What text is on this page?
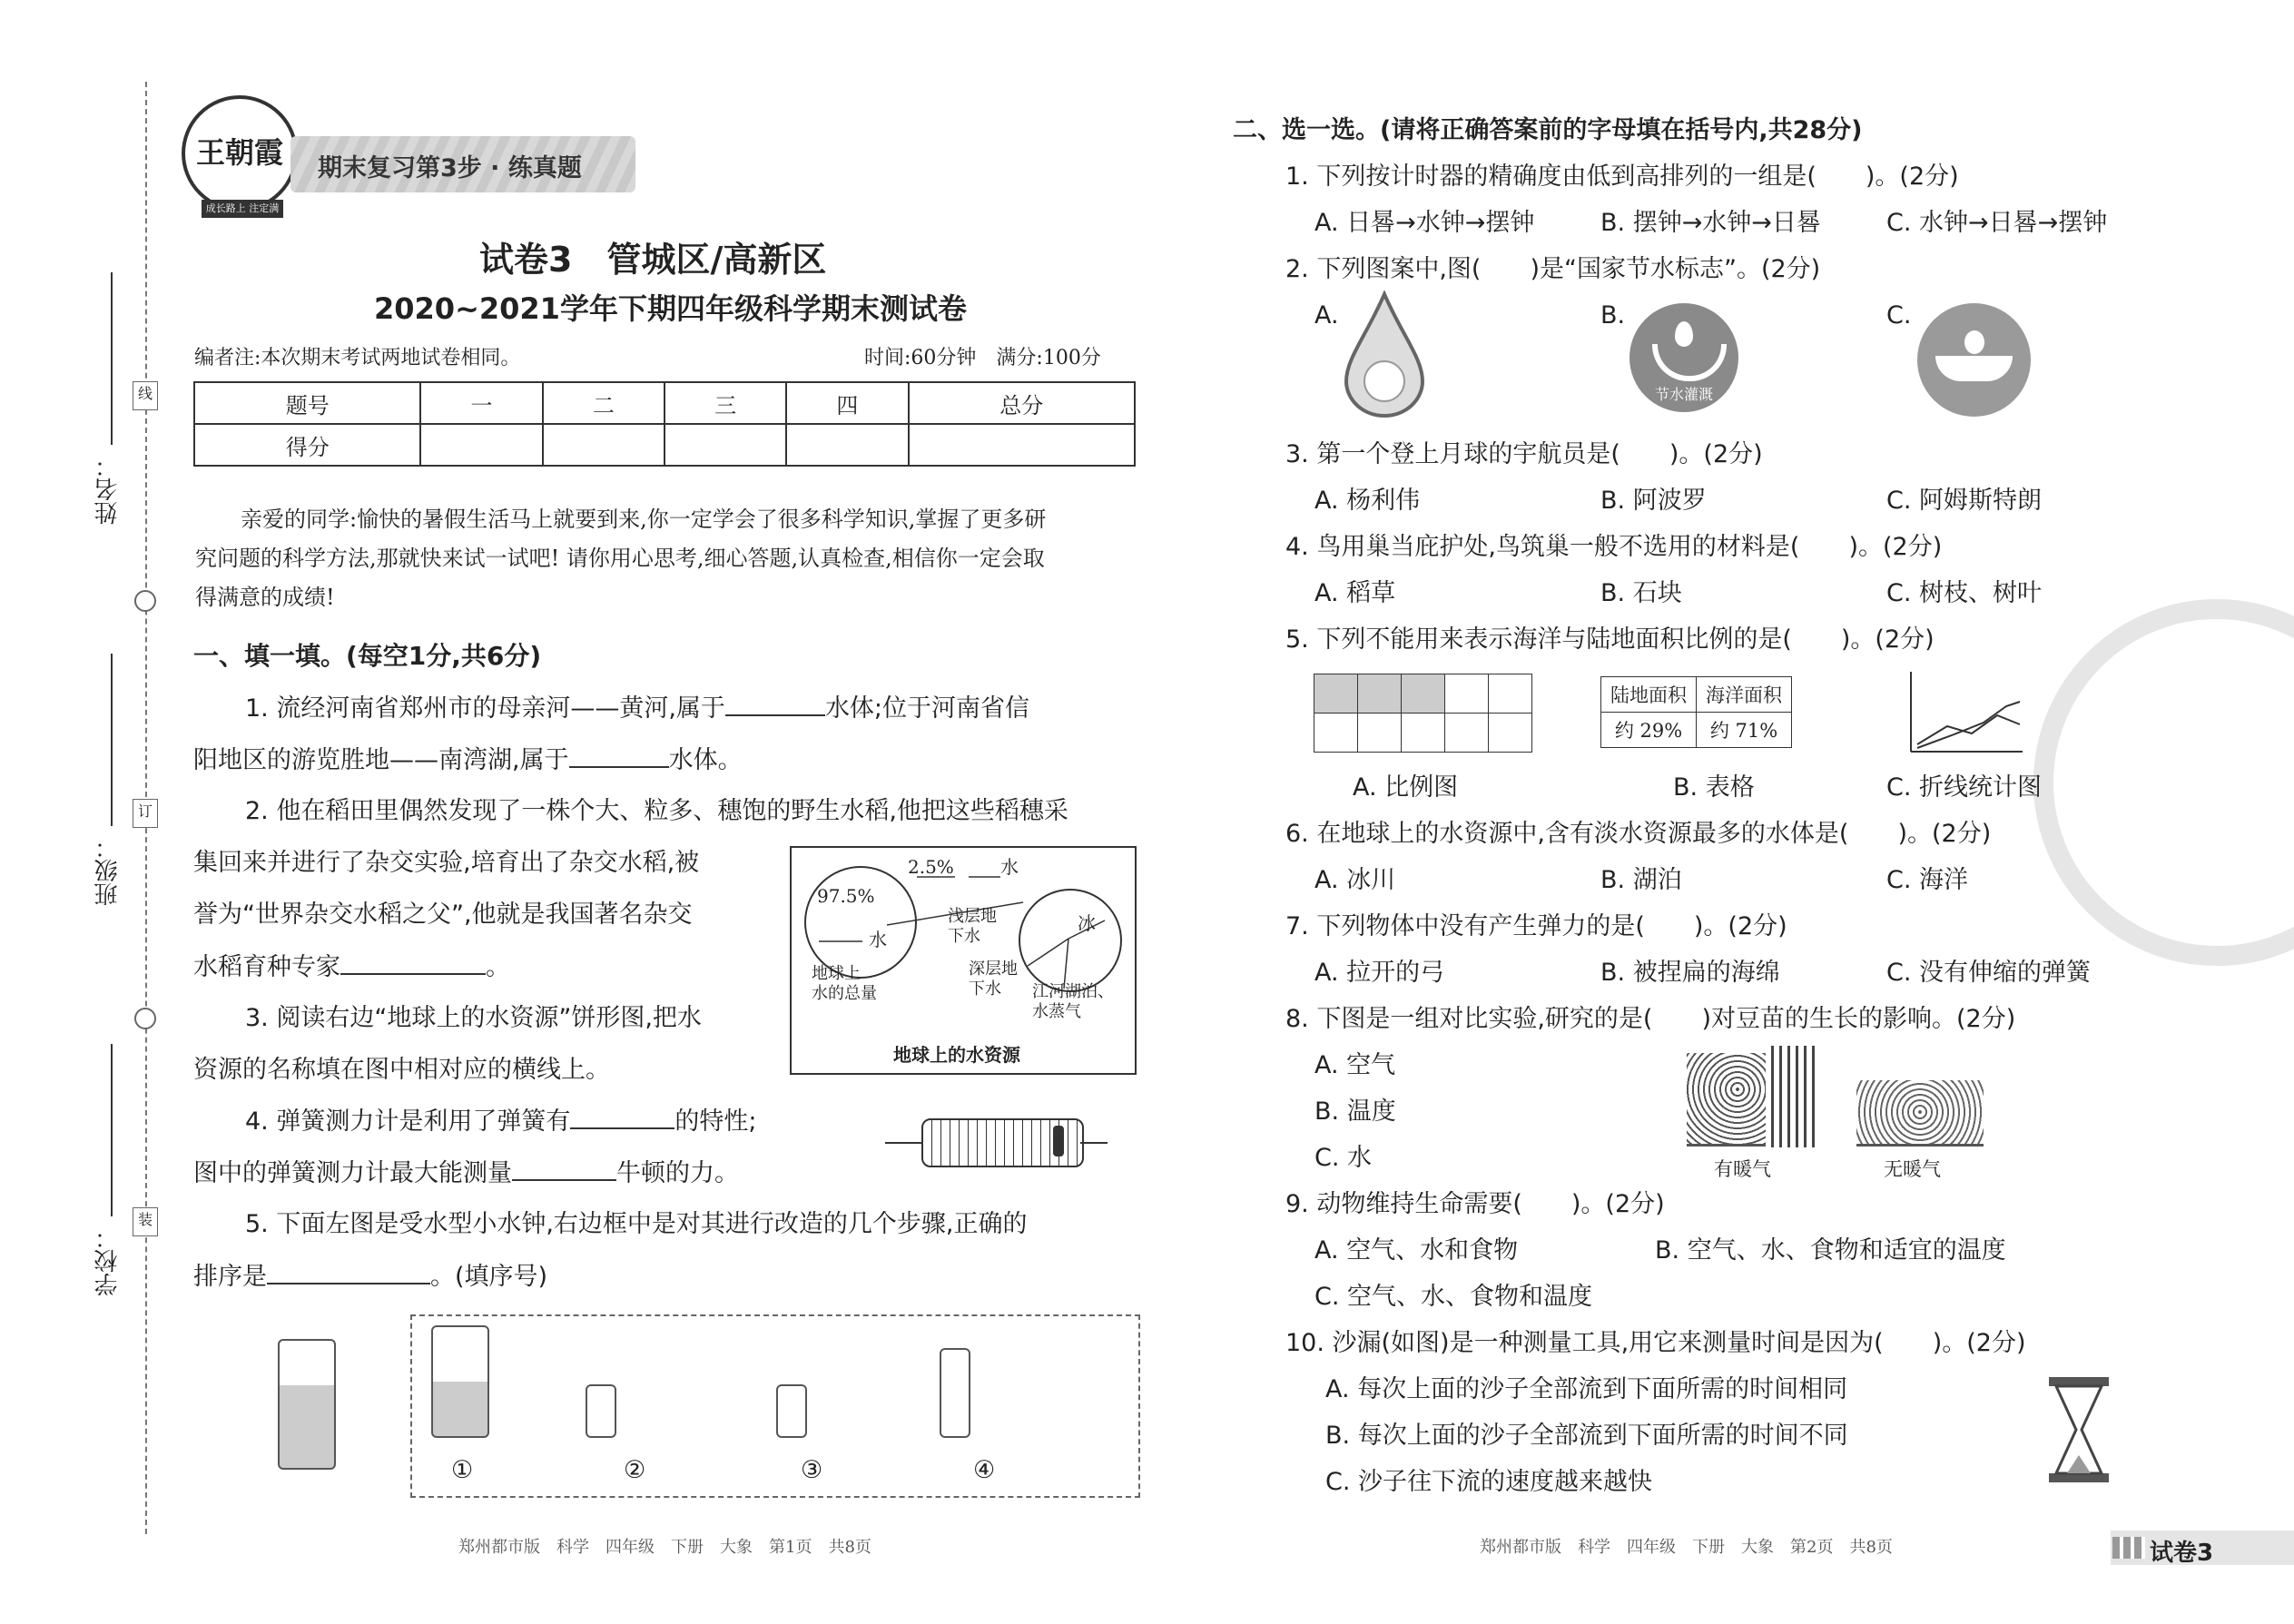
学校：
班级：
姓名：
装
订
线
王朝霞
成长路上 注定满天
期末复习第3步 · 练真题
试卷3　管城区/高新区
2020~2021学年下期四年级科学期末测试卷
编者注:本次期末考试两地试卷相同。	时间:60分钟　满分:100分
题号	一	二	三	四	总分
得分					
亲爱的同学:愉快的暑假生活马上就要到来,你一定学会了很多科学知识,掌握了更多研
究问题的科学方法,那就快来试一试吧! 请你用心思考,细心答题,认真检查,相信你一定会取
得满意的成绩!
一、填一填。(每空1分,共6分)
1. 流经河南省郑州市的母亲河——黄河,属于	水体;位于河南省信
阳地区的游览胜地——南湾湖,属于	水体。
2. 他在稻田里偶然发现了一株个大、粒多、穗饱的野生水稻,他把这些稻穗采
集回来并进行了杂交实验,培育出了杂交水稻,被
誉为“世界杂交水稻之父”,他就是我国著名杂交
水稻育种专家	。
3. 阅读右边“地球上的水资源”饼形图,把水
资源的名称填在图中相对应的横线上。
97.5%
2.5%	水
水
冰
浅层地
下水
深层地
下水	江河湖泊、
水蒸气
地球上
水的总量
地球上的水资源
4. 弹簧测力计是利用了弹簧有	的特性;
图中的弹簧测力计最大能测量	牛顿的力。
5. 下面左图是受水型小水钟,右边框中是对其进行改造的几个步骤,正确的
排序是	。(填序号)
①	②	③	④
郑州都市版　科学　四年级　下册　大象　第1页　共8页
二、选一选。(请将正确答案前的字母填在括号内,共28分)
1. 下列按计时器的精确度由低到高排列的一组是(　　)。(2分)
A. 日晷→水钟→摆钟	B. 摆钟→水钟→日晷	C. 水钟→日晷→摆钟
2. 下列图案中,图(　　)是“国家节水标志”。(2分)
A.	B.	C.
节水灌溉
3. 第一个登上月球的宇航员是(　　)。(2分)
A. 杨利伟	B. 阿波罗	C. 阿姆斯特朗
4. 鸟用巢当庇护处,鸟筑巢一般不选用的材料是(　　)。(2分)
A. 稻草	B. 石块	C. 树枝、树叶
5. 下列不能用来表示海洋与陆地面积比例的是(　　)。(2分)

陆地面积	海洋面积
约 29%	约 71%
A. 比例图	B. 表格	C. 折线统计图
6. 在地球上的水资源中,含有淡水资源最多的水体是(　　)。(2分)
A. 冰川	B. 湖泊	C. 海洋
7. 下列物体中没有产生弹力的是(　　)。(2分)
A. 拉开的弓	B. 被捏扁的海绵	C. 没有伸缩的弹簧
8. 下图是一组对比实验,研究的是(　　)对豆苗的生长的影响。(2分)
A. 空气
B. 温度
C. 水	有暖气	无暖气
9. 动物维持生命需要(　　)。(2分)
A. 空气、水和食物	B. 空气、水、食物和适宜的温度
C. 空气、水、食物和温度
10. 沙漏(如图)是一种测量工具,用它来测量时间是因为(　　)。(2分)
A. 每次上面的沙子全部流到下面所需的时间相同
B. 每次上面的沙子全部流到下面所需的时间不同
C. 沙子往下流的速度越来越快
郑州都市版　科学　四年级　下册　大象　第2页　共8页	试卷3
